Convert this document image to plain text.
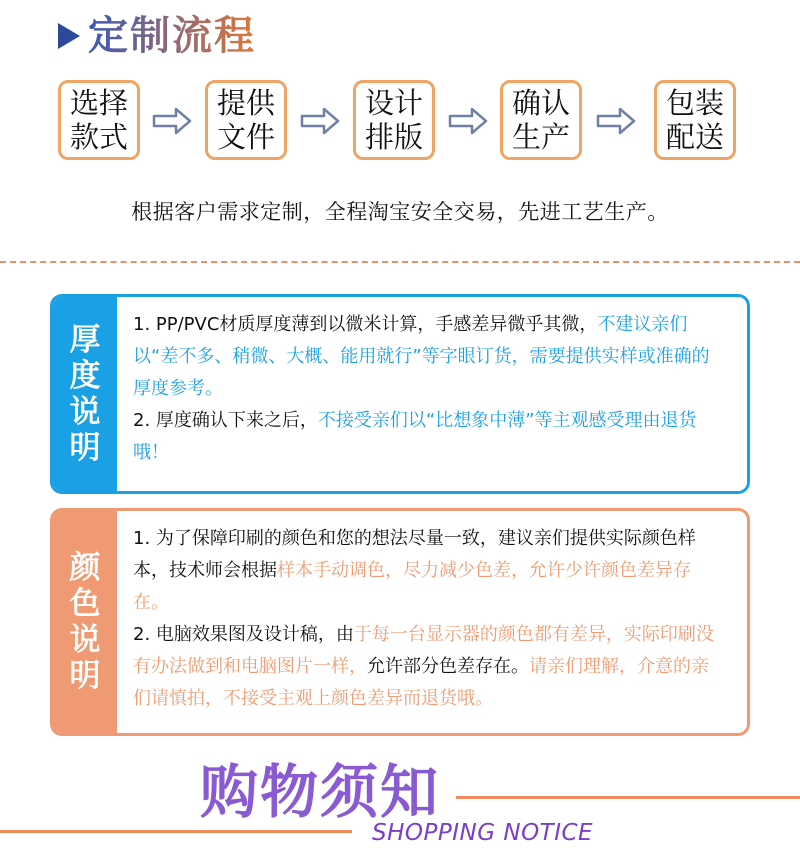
定制流程
选择
款式
提供
文件
设计
排版
确认
生产
包装
配送
根据客户需求定制，全程淘宝安全交易，先进工艺生产。
厚
度
说
明

1. PP/PVC材质厚度薄到以微米计算，手感差异微乎其微，不建议亲们以“差不多、稍微、大概、能用就行”等字眼订货，需要提供实样或准确的厚度参考。

2. 厚度确认下来之后，不接受亲们以“比想象中薄”等主观感受理由退货哦！

颜
色
说
明

1. 为了保障印刷的颜色和您的想法尽量一致，建议亲们提供实际颜色样本，技术师会根据样本手动调色，尽力减少色差，允许少许颜色差异存在。

2. 电脑效果图及设计稿，由于每一台显示器的颜色都有差异，实际印刷没有办法做到和电脑图片一样，允许部分色差存在。请亲们理解，介意的亲们请慎拍，不接受主观上颜色差异而退货哦。

购物须知
SHOPPING NOTICE
